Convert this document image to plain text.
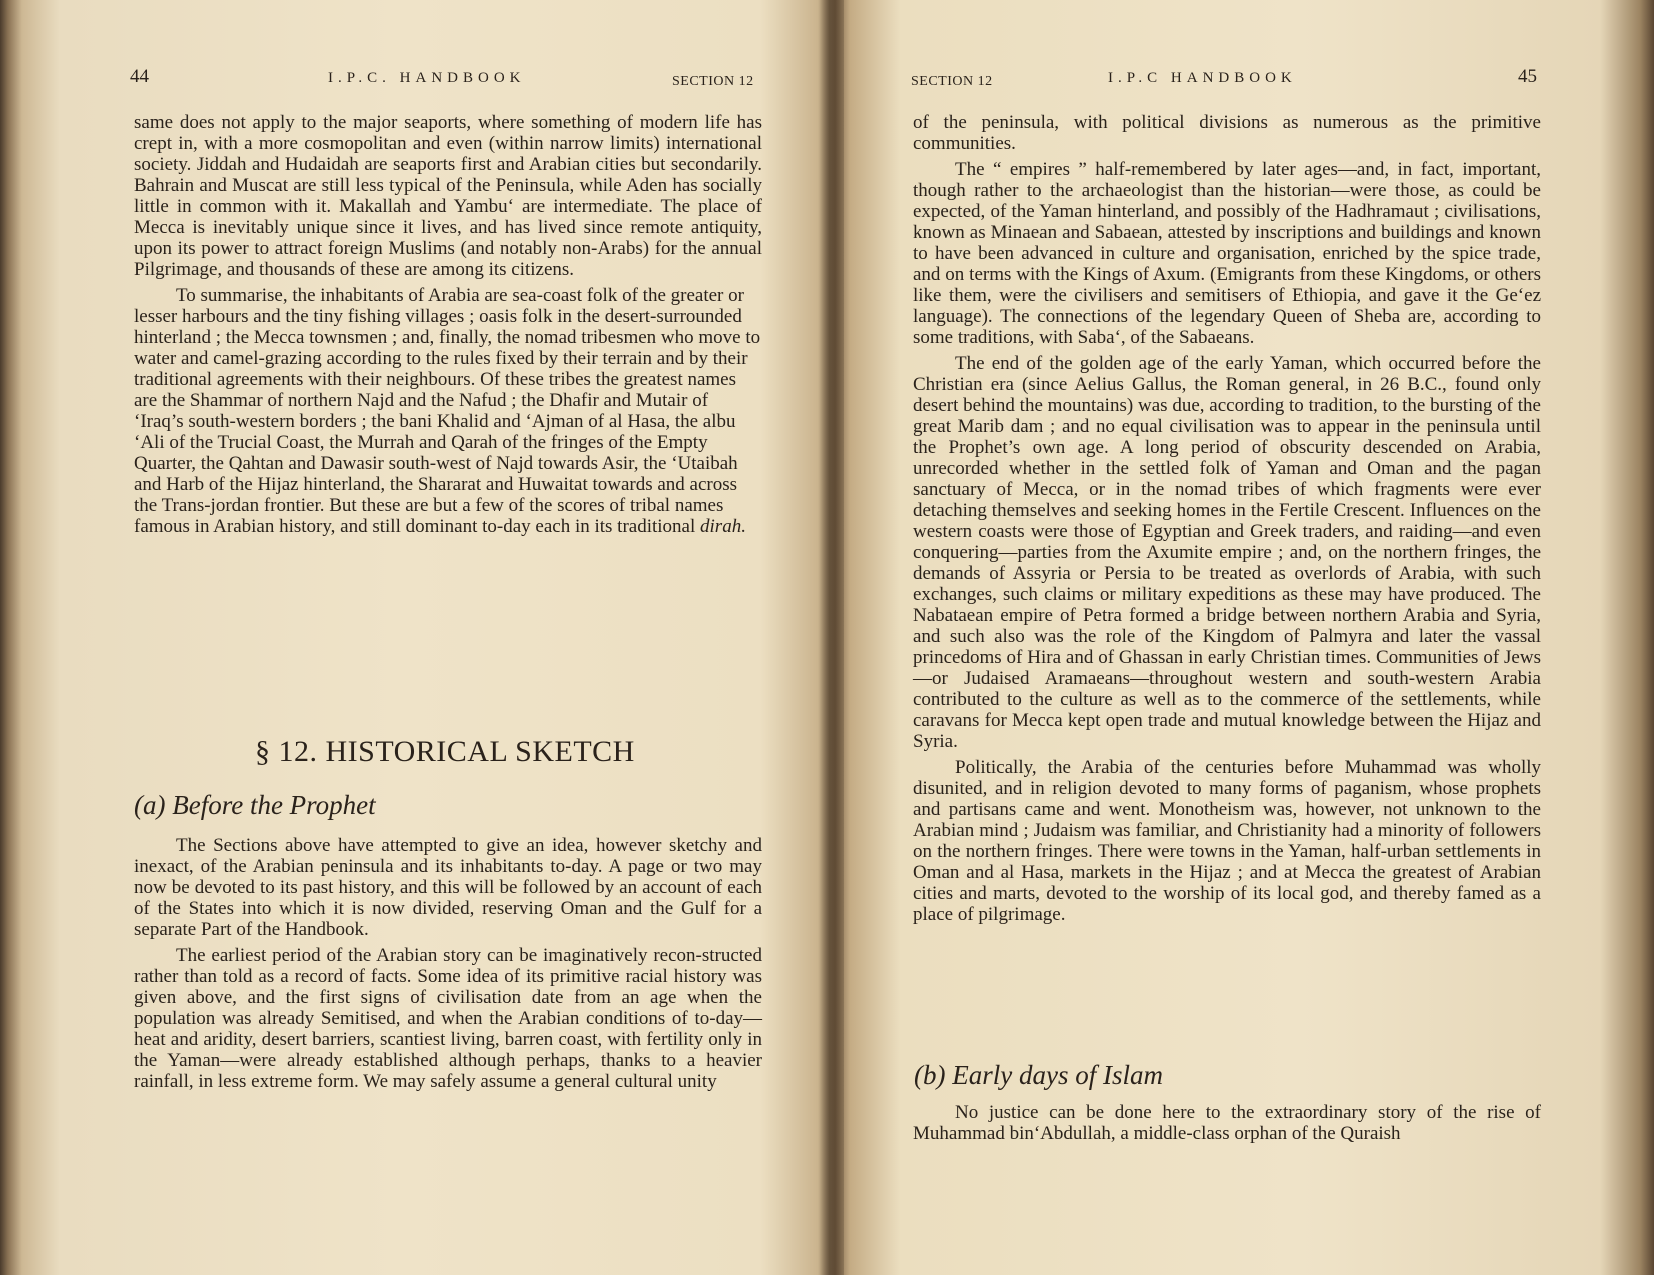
44	I.P.C. HANDBOOK	SECTION 12

same does not apply to the major seaports, where something of modern life has crept in, with a more cosmopolitan and even (within narrow limits) international society. Jiddah and Hudaidah are seaports first and Arabian cities but secondarily. Bahrain and Muscat are still less typical of the Peninsula, while Aden has socially little in common with it. Makallah and Yambu‘ are intermediate. The place of Mecca is inevitably unique since it lives, and has lived since remote antiquity, upon its power to attract foreign Muslims (and notably non-Arabs) for the annual Pilgrimage, and thousands of these are among its citizens.

To summarise, the inhabitants of Arabia are sea-coast folk of the greater or lesser harbours and the tiny fishing villages ; oasis folk in the desert-surrounded hinterland ; the Mecca townsmen ; and, finally, the nomad tribesmen who move to water and camel-grazing according to the rules fixed by their terrain and by their traditional agreements with their neighbours. Of these tribes the greatest names are the Shammar of northern Najd and the Nafud ; the Dhafir and Mutair of ‘Iraq’s south-western borders ; the bani Khalid and ‘Ajman of al Hasa, the albu ‘Ali of the Trucial Coast, the Murrah and Qarah of the fringes of the Empty Quarter, the Qahtan and Dawasir south-west of Najd towards Asir, the ‘Utaibah and Harb of the Hijaz hinterland, the Shararat and Huwaitat towards and across the Trans-jordan frontier. But these are but a few of the scores of tribal names famous in Arabian history, and still dominant to-day each in its traditional dirah.

§ 12. HISTORICAL SKETCH
(a) Before the Prophet

The Sections above have attempted to give an idea, however sketchy and inexact, of the Arabian peninsula and its inhabitants to-day. A page or two may now be devoted to its past history, and this will be followed by an account of each of the States into which it is now divided, reserving Oman and the Gulf for a separate Part of the Handbook.

The earliest period of the Arabian story can be imaginatively recon-structed rather than told as a record of facts. Some idea of its primitive racial history was given above, and the first signs of civilisation date from an age when the population was already Semitised, and when the Arabian conditions of to-day—heat and aridity, desert barriers, scantiest living, barren coast, with fertility only in the Yaman—were already established although perhaps, thanks to a heavier rainfall, in less extreme form. We may safely assume a general cultural unity

SECTION 12	I.P.C HANDBOOK	45

of the peninsula, with political divisions as numerous as the primitive communities.

The “ empires ” half-remembered by later ages—and, in fact, important, though rather to the archaeologist than the historian—were those, as could be expected, of the Yaman hinterland, and possibly of the Hadhramaut ; civilisations, known as Minaean and Sabaean, attested by inscriptions and buildings and known to have been advanced in culture and organisation, enriched by the spice trade, and on terms with the Kings of Axum. (Emigrants from these Kingdoms, or others like them, were the civilisers and semitisers of Ethiopia, and gave it the Ge‘ez language). The connections of the legendary Queen of Sheba are, according to some traditions, with Saba‘, of the Sabaeans.

The end of the golden age of the early Yaman, which occurred before the Christian era (since Aelius Gallus, the Roman general, in 26 B.C., found only desert behind the mountains) was due, according to tradition, to the bursting of the great Marib dam ; and no equal civilisation was to appear in the peninsula until the Prophet’s own age. A long period of obscurity descended on Arabia, unrecorded whether in the settled folk of Yaman and Oman and the pagan sanctuary of Mecca, or in the nomad tribes of which fragments were ever detaching themselves and seeking homes in the Fertile Crescent. Influences on the western coasts were those of Egyptian and Greek traders, and raiding—and even conquering—parties from the Axumite empire ; and, on the northern fringes, the demands of Assyria or Persia to be treated as overlords of Arabia, with such exchanges, such claims or military expeditions as these may have produced. The Nabataean empire of Petra formed a bridge between northern Arabia and Syria, and such also was the role of the Kingdom of Palmyra and later the vassal princedoms of Hira and of Ghassan in early Christian times. Communities of Jews—or Judaised Aramaeans—throughout western and south-western Arabia contributed to the culture as well as to the commerce of the settlements, while caravans for Mecca kept open trade and mutual knowledge between the Hijaz and Syria.

Politically, the Arabia of the centuries before Muhammad was wholly disunited, and in religion devoted to many forms of paganism, whose prophets and partisans came and went. Monotheism was, however, not unknown to the Arabian mind ; Judaism was familiar, and Christianity had a minority of followers on the northern fringes. There were towns in the Yaman, half-urban settlements in Oman and al Hasa, markets in the Hijaz ; and at Mecca the greatest of Arabian cities and marts, devoted to the worship of its local god, and thereby famed as a place of pilgrimage.

(b) Early days of Islam

No justice can be done here to the extraordinary story of the rise of Muhammad bin‘Abdullah, a middle-class orphan of the Quraish
